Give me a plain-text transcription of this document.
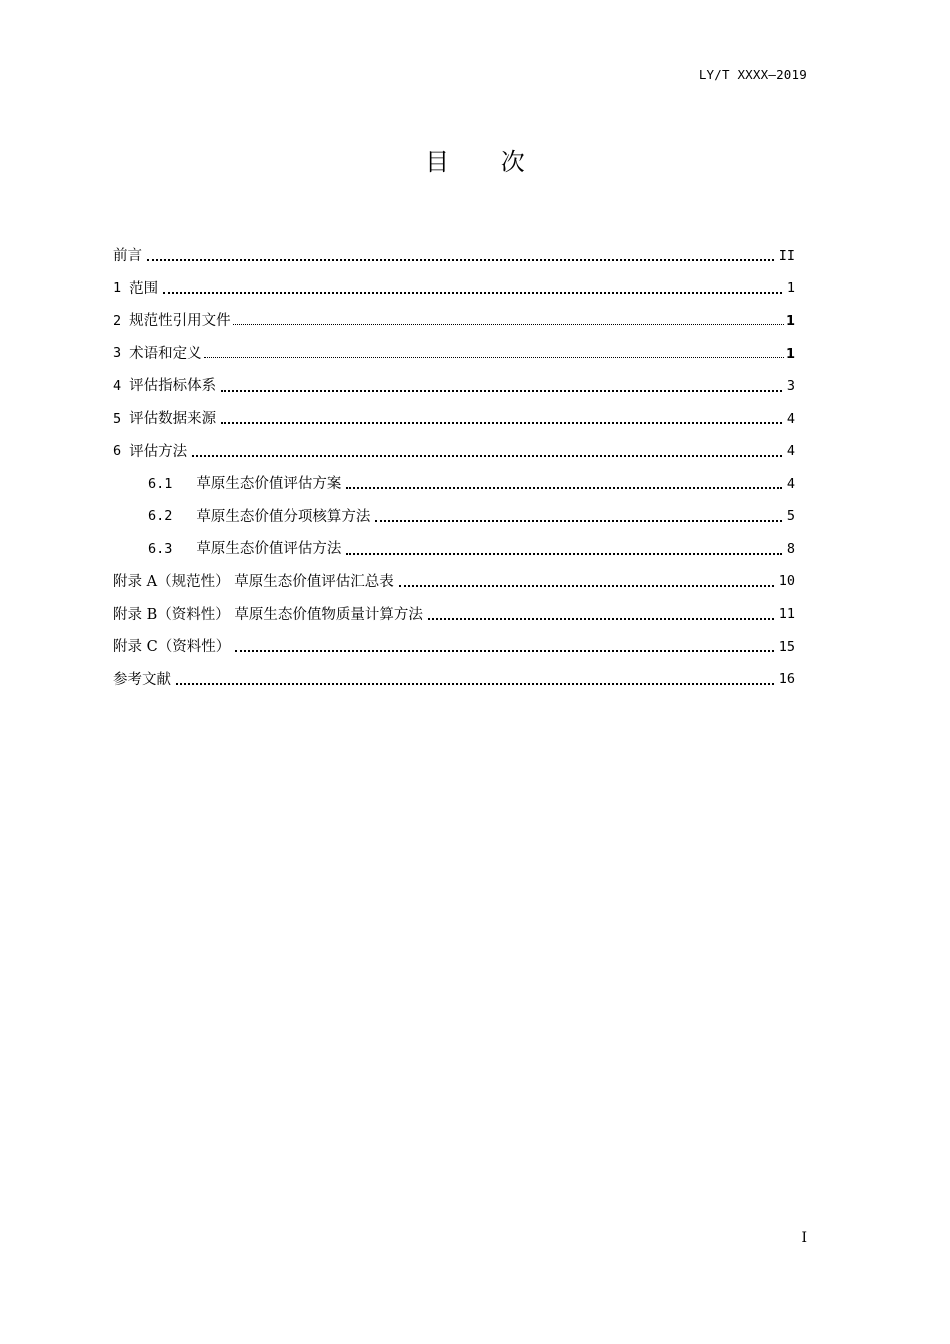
LY/T XXXX—2019
目 次
前言	II
1 范围	1
2 规范性引用文件	1
3 术语和定义	1
4 评估指标体系	3
5 评估数据来源	4
6 评估方法	4
6.1 草原生态价值评估方案	4
6.2 草原生态价值分项核算方法	5
6.3 草原生态价值评估方法	8
附录 A（规范性） 草原生态价值评估汇总表	10
附录 B（资料性） 草原生态价值物质量计算方法	11
附录 C（资料性）	15
参考文献	16
I
